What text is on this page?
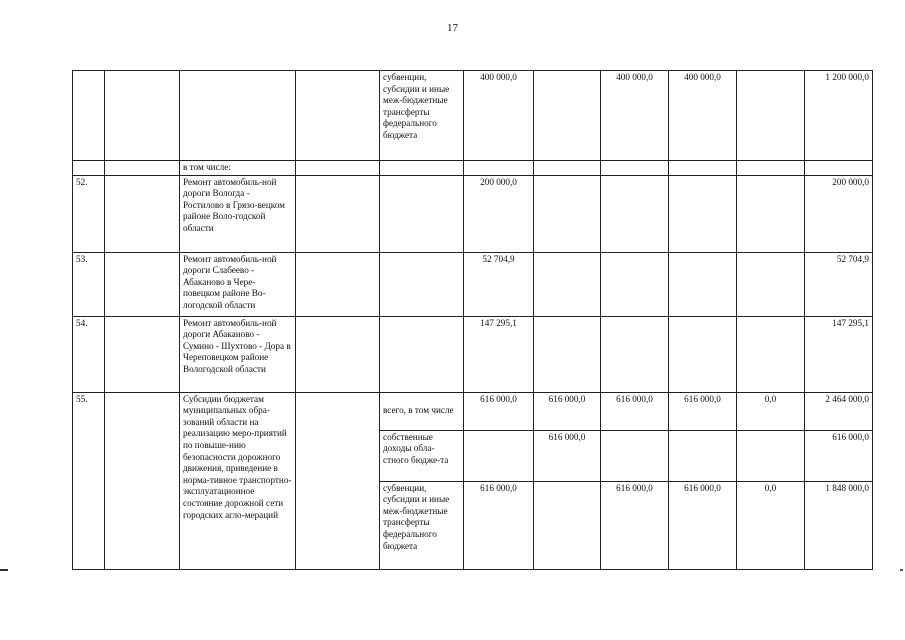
17
				субвенции, субсидии и иные меж-бюджетные трансферты федерального бюджета	400 000,0		400 000,0	400 000,0		1 200 000,0
		в том числе:								
52.		Ремонт автомобиль-ной дороги Вологда - Ростилово в Грязо-вецком районе Воло-годской области			200 000,0					200 000,0
53.		Ремонт автомобиль-ной дороги Слабеево - Абаканово в Чере-повецком районе Во-логодской области			52 704,9					52 704,9
54.		Ремонт автомобиль-ной дороги Абаканово - Сумино - Шухтово - Дора в Череповецком районе Вологодской области			147 295,1					147 295,1
55.		Субсидии бюджетам муниципальных обра-зований области на реализацию меро-приятий по повыше-нию безопасности дорожного движения, приведение в норма-тивное транспортно-эксплуатационное состояние дорожной сети городских агло-мераций		всего, в том числе	616 000,0	616 000,0	616 000,0	616 000,0	0,0	2 464 000,0
				собственные доходы обла-стного бюдже-та		616 000,0				616 000,0
				субвенции, субсидии и иные меж-бюджетные трансферты федерального бюджета	616 000,0		616 000,0	616 000,0	0,0	1 848 000,0
